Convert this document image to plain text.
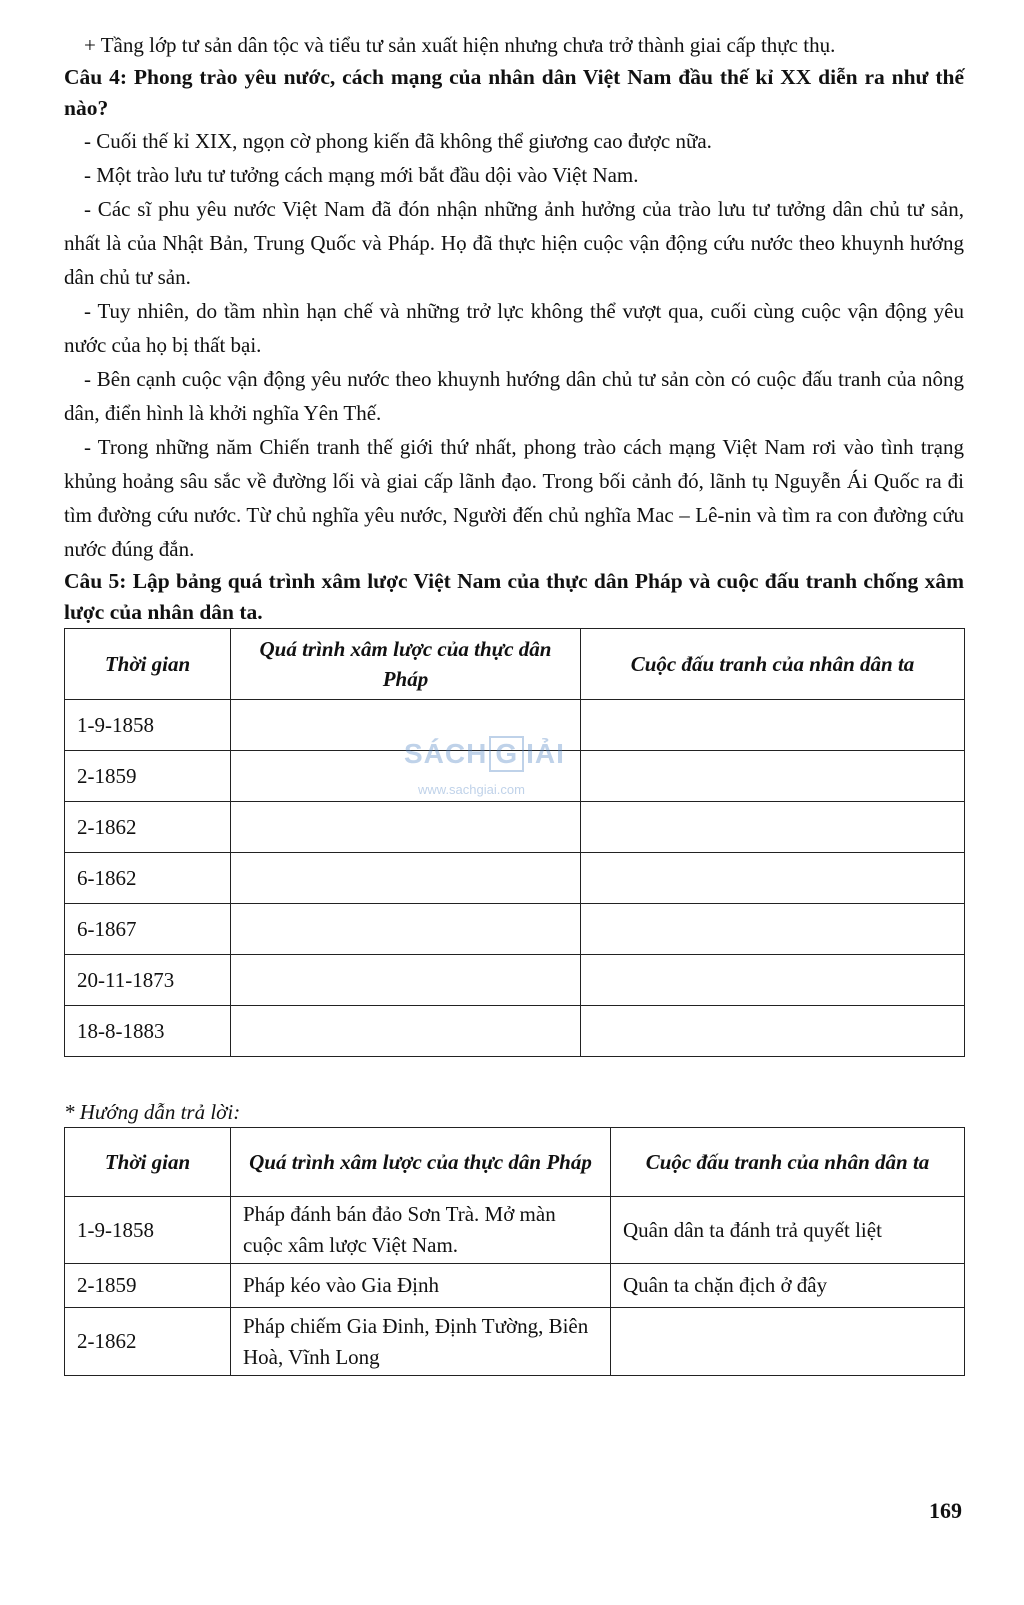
+ Tầng lớp tư sản dân tộc và tiểu tư sản xuất hiện nhưng chưa trở thành giai cấp thực thụ.

Câu 4: Phong trào yêu nước, cách mạng của nhân dân Việt Nam đầu thế kỉ XX diễn ra như thế nào?

- Cuối thế kỉ XIX, ngọn cờ phong kiến đã không thể giương cao được nữa.

- Một trào lưu tư tưởng cách mạng mới bắt đầu dội vào Việt Nam.

- Các sĩ phu yêu nước Việt Nam đã đón nhận những ảnh hưởng của trào lưu tư tưởng dân chủ tư sản, nhất là của Nhật Bản, Trung Quốc và Pháp. Họ đã thực hiện cuộc vận động cứu nước theo khuynh hướng dân chủ tư sản.

- Tuy nhiên, do tầm nhìn hạn chế và những trở lực không thể vượt qua, cuối cùng cuộc vận động yêu nước của họ bị thất bại.

- Bên cạnh cuộc vận động yêu nước theo khuynh hướng dân chủ tư sản còn có cuộc đấu tranh của nông dân, điển hình là khởi nghĩa Yên Thế.

- Trong những năm Chiến tranh thế giới thứ nhất, phong trào cách mạng Việt Nam rơi vào tình trạng khủng hoảng sâu sắc về đường lối và giai cấp lãnh đạo. Trong bối cảnh đó, lãnh tụ Nguyễn Ái Quốc ra đi tìm đường cứu nước. Từ chủ nghĩa yêu nước, Người đến chủ nghĩa Mac – Lê-nin và tìm ra con đường cứu nước đúng đắn.

Câu 5: Lập bảng quá trình xâm lược Việt Nam của thực dân Pháp và cuộc đấu tranh chống xâm lược của nhân dân ta.

Thời gian	Quá trình xâm lược của thực dân Pháp	Cuộc đấu tranh của nhân dân ta
1-9-1858		
2-1859		
2-1862		
6-1862		
6-1867		
20-11-1873		
18-8-1883		

* Hướng dẫn trả lời:

Thời gian	Quá trình xâm lược của thực dân Pháp	Cuộc đấu tranh của nhân dân ta
1-9-1858	Pháp đánh bán đảo Sơn Trà. Mở màn cuộc xâm lược Việt Nam.	Quân dân ta đánh trả quyết liệt
2-1859	Pháp kéo vào Gia Định	Quân ta chặn địch ở đây
2-1862	Pháp chiếm Gia Đinh, Định Tường, Biên Hoà, Vĩnh Long	
SÁCH G IẢI
www.sachgiai.com
169
